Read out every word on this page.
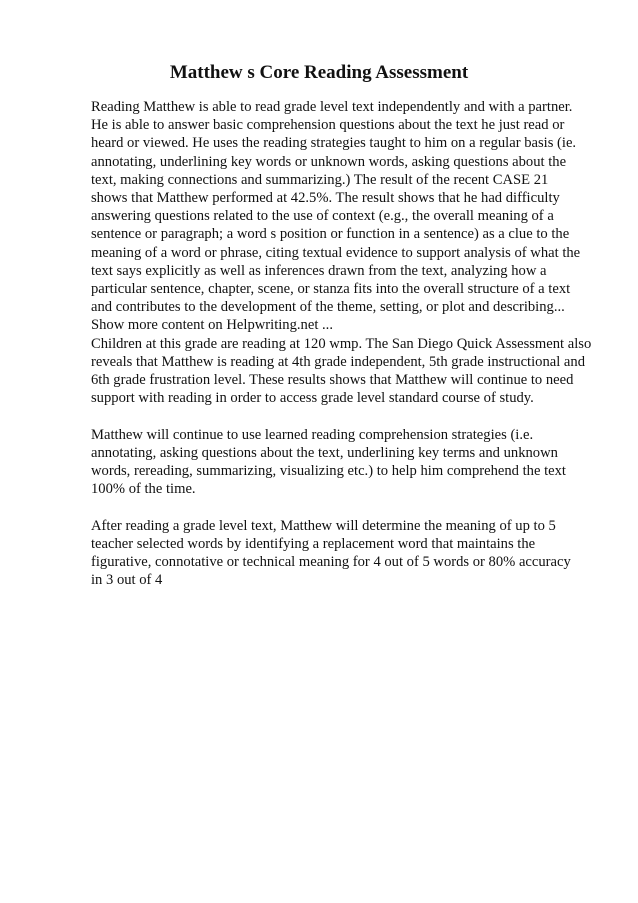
Matthew s Core Reading Assessment
Reading Matthew is able to read grade level text independently and with a partner.
He is able to answer basic comprehension questions about the text he just read or
heard or viewed. He uses the reading strategies taught to him on a regular basis (ie.
annotating, underlining key words or unknown words, asking questions about the
text, making connections and summarizing.) The result of the recent CASE 21
shows that Matthew performed at 42.5%. The result shows that he had difficulty
answering questions related to the use of context (e.g., the overall meaning of a
sentence or paragraph; a word s position or function in a sentence) as a clue to the
meaning of a word or phrase, citing textual evidence to support analysis of what the
text says explicitly as well as inferences drawn from the text, analyzing how a
particular sentence, chapter, scene, or stanza fits into the overall structure of a text
and contributes to the development of the theme, setting, or plot and describing...
Show more content on Helpwriting.net ...
Children at this grade are reading at 120 wmp. The San Diego Quick Assessment also
reveals that Matthew is reading at 4th grade independent, 5th grade instructional and
6th grade frustration level. These results shows that Matthew will continue to need
support with reading in order to access grade level standard course of study.
Matthew will continue to use learned reading comprehension strategies (i.e.
annotating, asking questions about the text, underlining key terms and unknown
words, rereading, summarizing, visualizing etc.) to help him comprehend the text
100% of the time.
After reading a grade level text, Matthew will determine the meaning of up to 5
teacher selected words by identifying a replacement word that maintains the
figurative, connotative or technical meaning for 4 out of 5 words or 80% accuracy
in 3 out of 4
